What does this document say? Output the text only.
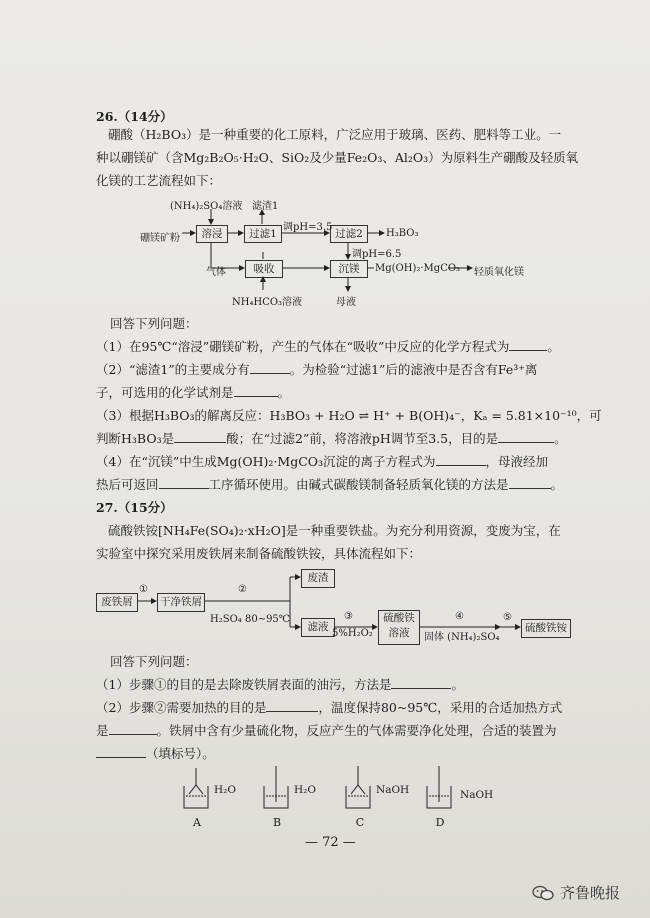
26.（14分）
硼酸（H₂BO₃）是一种重要的化工原料，广泛应用于玻璃、医药、肥料等工业。一
种以硼镁矿（含Mg₂B₂O₅·H₂O、SiO₂及少量Fe₂O₃、Al₂O₃）为原料生产硼酸及轻质氧
化镁的工艺流程如下：
(NH₄)₂SO₄溶液 滤渣1
硼镁矿粉	溶浸	过滤1
调pH=3.5
过滤2	H₃BO₃
调pH=6.5
气体	吸收	沉镁	Mg(OH)₂·MgCO₃ 轻质氧化镁
NH₄HCO₃溶液	母液
回答下列问题：
（1）在95℃“溶浸”硼镁矿粉，产生的气体在“吸收”中反应的化学方程式为	。
（2）“滤渣1”的主要成分有	。为检验“过滤1”后的滤液中是否含有Fe³⁺离
子，可选用的化学试剂是	。
（3）根据H₃BO₃的解离反应：H₃BO₃ + H₂O ⇌ H⁺ + B(OH)₄⁻，Kₐ = 5.81×10⁻¹⁰，可
判断H₃BO₃是	酸；在“过滤2”前，将溶液pH调节至3.5，目的是	。
（4）在“沉镁”中生成Mg(OH)₂·MgCO₃沉淀的离子方程式为	，母液经加
热后可返回	工序循环使用。由碱式碳酸镁制备轻质氧化镁的方法是	。
27.（15分）
硫酸铁铵[NH₄Fe(SO₄)₂·xH₂O]是一种重要铁盐。为充分利用资源，变废为宝，在
实验室中探究采用废铁屑来制备硫酸铁铵，具体流程如下：
废铁屑
①
干净铁屑
②
H₂SO₄ 80~95℃
废渣
滤液
③
5%H₂O₂
硫酸铁
溶液
④
固体 (NH₄)₂SO₄
⑤
硫酸铁铵
回答下列问题：
（1）步骤①的目的是去除废铁屑表面的油污，方法是	。
（2）步骤②需要加热的目的是	，温度保持80~95℃，采用的合适加热方式
是	。铁屑中含有少量硫化物，反应产生的气体需要净化处理，合适的装置为
（填标号）。
H₂O	H₂O	NaOH	NaOH
A	B	C	D
— 72 —
齐鲁晚报
